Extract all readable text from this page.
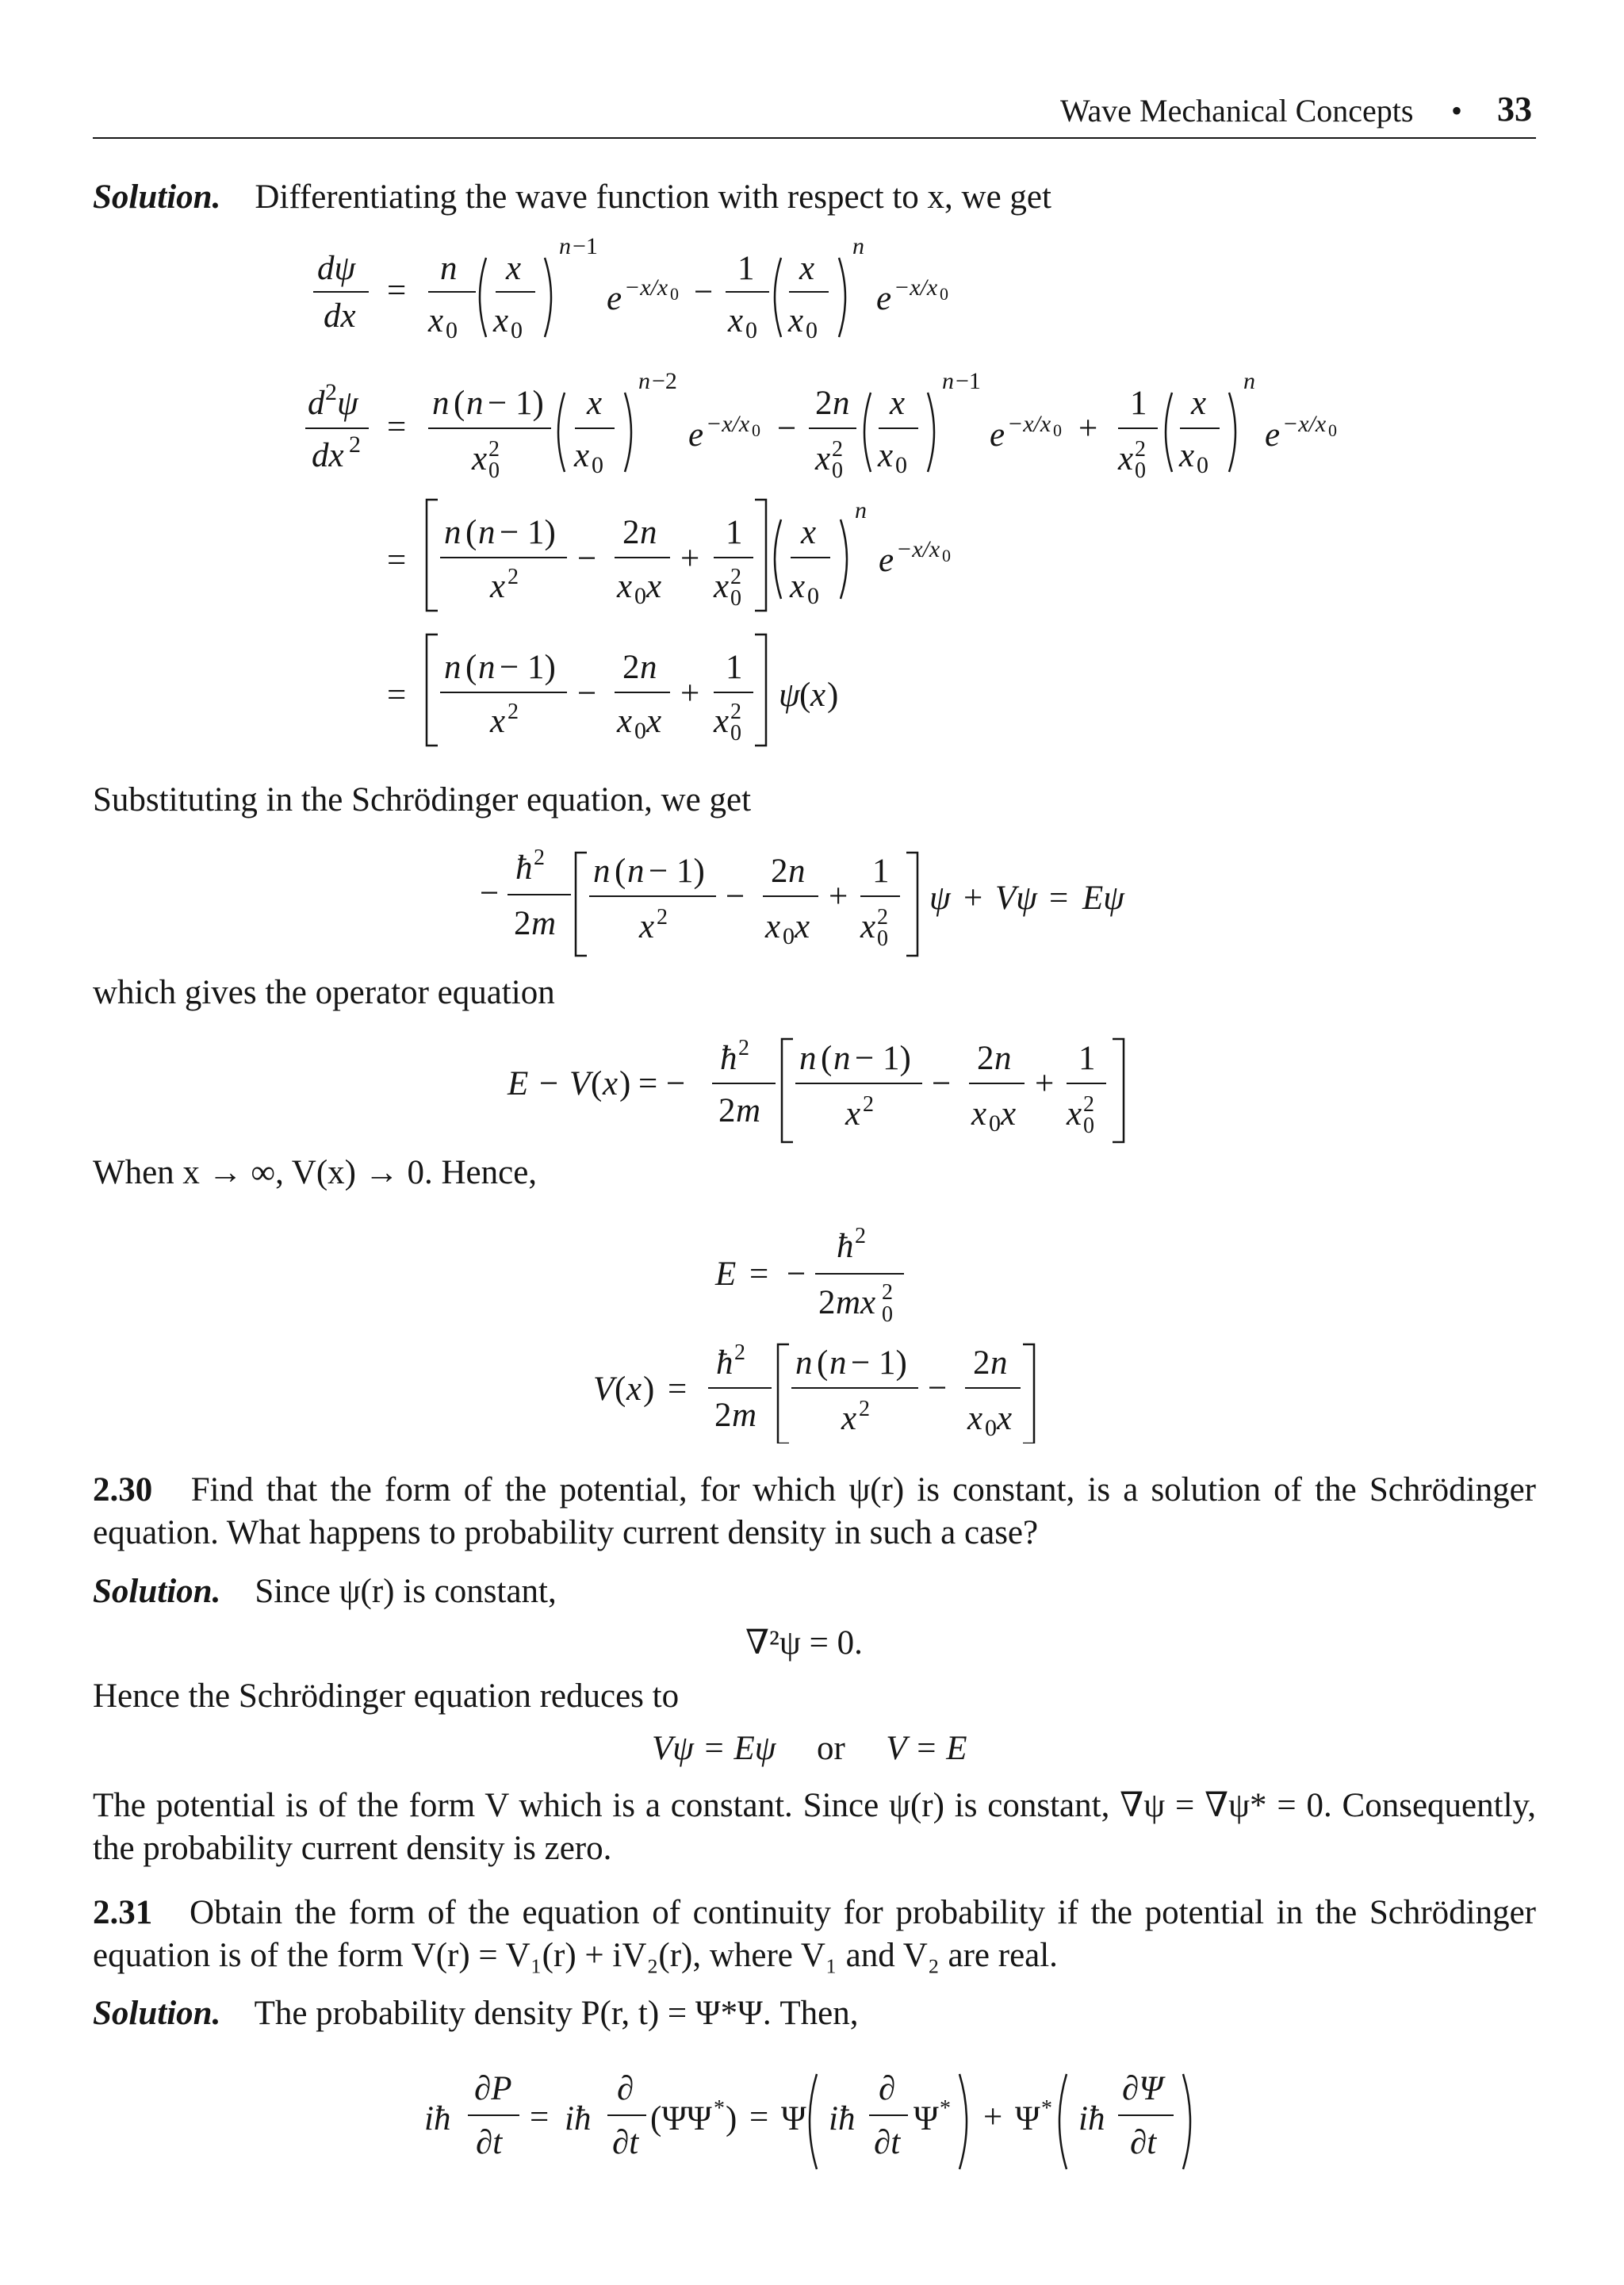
Wave Mechanical Concepts • 33
Solution. Differentiating the wave function with respect to x, we get
dψ
dx
=
n
x 0
x
x 0
n −1
e −x/x 0 −
1
x 0
x
x 0
n
e −x/x 0
d 2 ψ
dx 2 =
n ( n − 1)
x 2
0
x
x 0
n −2
e −x/x 0 −
2 n
x 2
0
x
x 0
n −1
e −x/x 0 +
1
x 2
0
x
x 0
n
e −x/x 0
=
n ( n − 1)
x 2 −
2 n
x 0 x
+
1
x 2
0
x
x 0
n
e −x/x 0
=
n ( n − 1)
x 2 −
2 n
x 0 x
+
1
x 2
0
ψ ( x )
Substituting in the Schrödinger equation, we get
−
ħ 2
2 m
n ( n − 1)
x 2
−
2 n
x 0 x
+
1
x 2
0
ψ + Vψ = Eψ
which gives the operator equation
E − V ( x ) = −
ħ 2
2 m
n ( n − 1)
x 2
−
2 n
x 0 x
+
1
x 2
0
When x → ∞, V(x) → 0. Hence,
E = −
ħ 2
2 mx 2
0
V ( x ) =
ħ 2
2 m
n ( n − 1)
x 2
−
2 n
x 0 x
2.30 Find that the form of the potential, for which ψ(r) is constant, is a solution of the Schrödinger equation. What happens to probability current density in such a case?
Solution. Since ψ(r) is constant,
∇²ψ = 0.
Hence the Schrödinger equation reduces to
Vψ = Eψ or V = E
The potential is of the form V which is a constant. Since ψ(r) is constant, ∇ψ = ∇ψ* = 0. Consequently, the probability current density is zero.
2.31 Obtain the form of the equation of continuity for probability if the potential in the Schrödinger equation is of the form V(r) = V₁(r) + iV₂(r), where V₁ and V₂ are real.
Solution. The probability density P(r, t) = Ψ*Ψ. Then,
iħ
∂P
∂t
= iħ
∂
∂t
(ΨΨ * ) = Ψ iħ
∂
∂t
Ψ * + Ψ * iħ
∂Ψ
∂t
